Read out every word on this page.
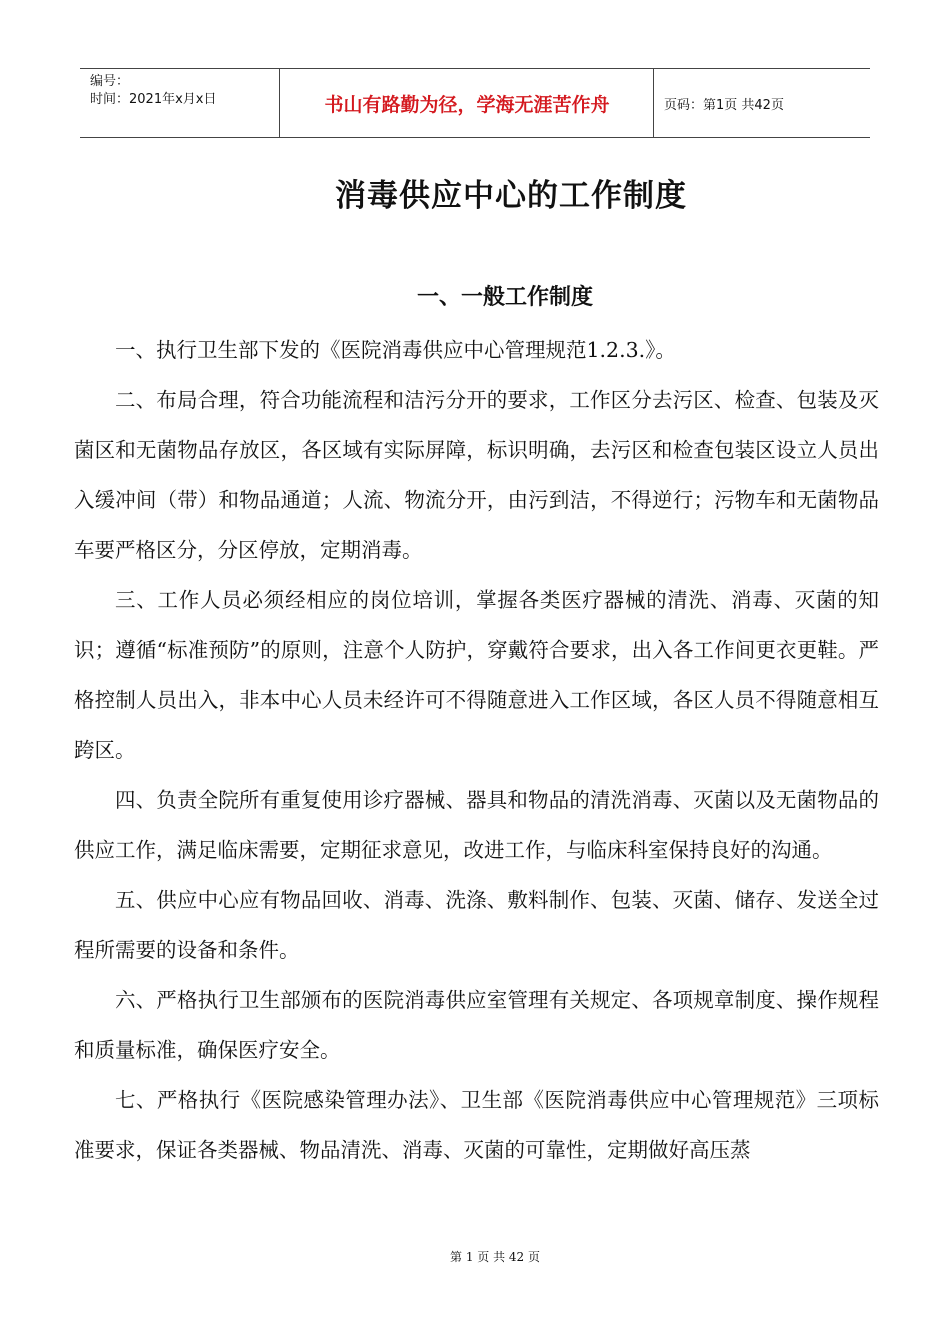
编号：
时间：2021年x月x日	书山有路勤为径，学海无涯苦作舟	页码：第1页 共42页
消毒供应中心的工作制度
一、一般工作制度

一、执行卫生部下发的《医院消毒供应中心管理规范1.2.3.》。

二、布局合理，符合功能流程和洁污分开的要求，工作区分去污区、检查、包装及灭菌区和无菌物品存放区，各区域有实际屏障，标识明确，去污区和检查包装区设立人员出入缓冲间（带）和物品通道；人流、物流分开，由污到洁，不得逆行；污物车和无菌物品车要严格区分，分区停放，定期消毒。

三、工作人员必须经相应的岗位培训，掌握各类医疗器械的清洗、消毒、灭菌的知识；遵循“标准预防”的原则，注意个人防护，穿戴符合要求，出入各工作间更衣更鞋。严格控制人员出入，非本中心人员未经许可不得随意进入工作区域，各区人员不得随意相互跨区。

四、负责全院所有重复使用诊疗器械、器具和物品的清洗消毒、灭菌以及无菌物品的供应工作，满足临床需要，定期征求意见，改进工作，与临床科室保持良好的沟通。

五、供应中心应有物品回收、消毒、洗涤、敷料制作、包装、灭菌、储存、发送全过程所需要的设备和条件。

六、严格执行卫生部颁布的医院消毒供应室管理有关规定、各项规章制度、操作规程和质量标准，确保医疗安全。

七、严格执行《医院感染管理办法》、卫生部《医院消毒供应中心管理规范》三项标准要求，保证各类器械、物品清洗、消毒、灭菌的可靠性，定期做好高压蒸

第 1 页 共 42 页
